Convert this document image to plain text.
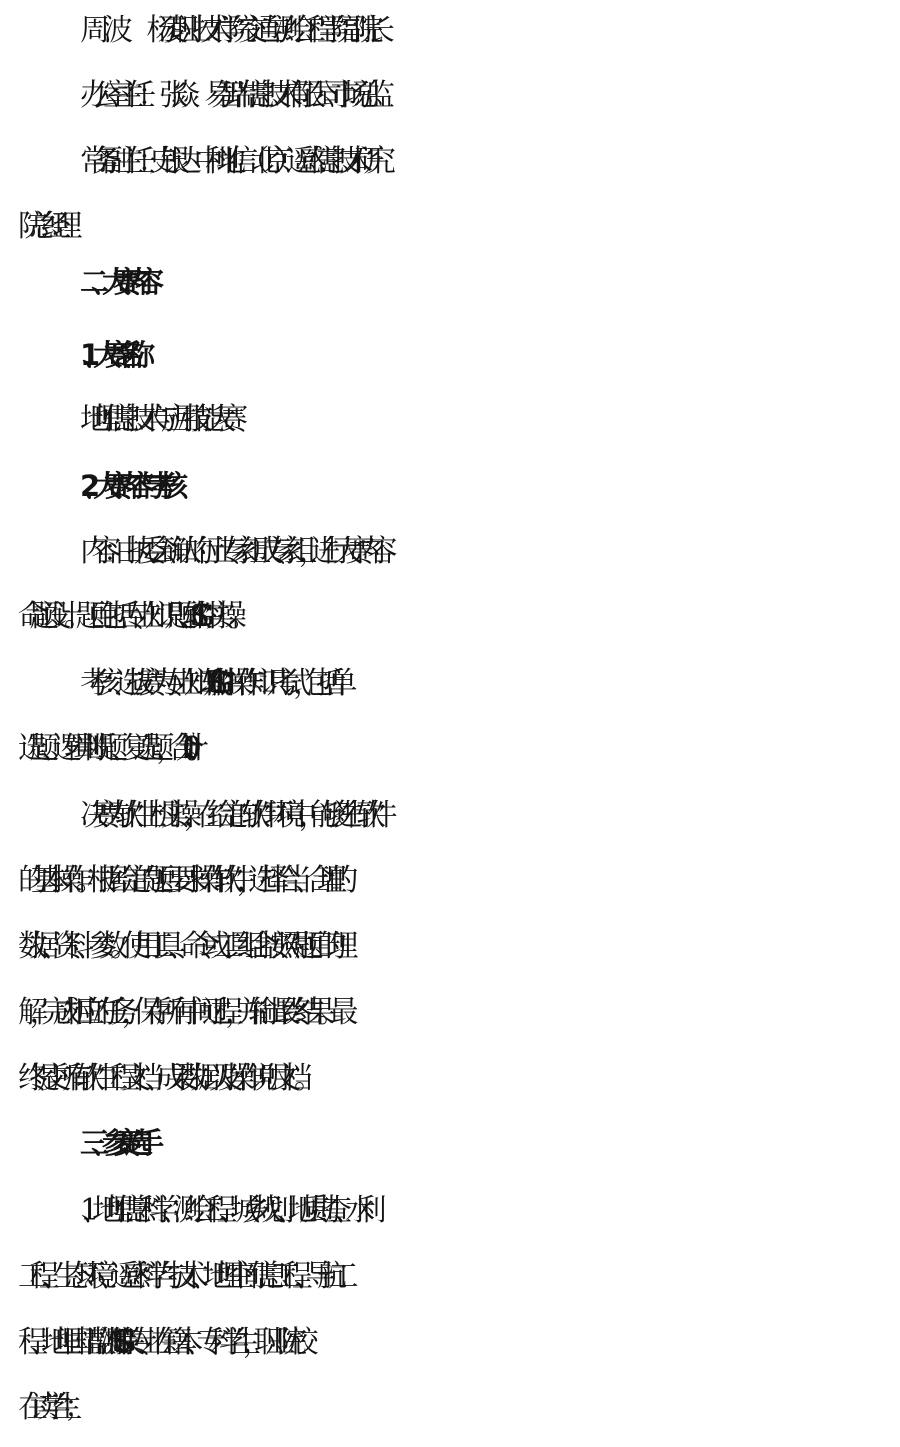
周　波 杨凌职业技术学院交通与测绘工程学院副院长
办公室主任： 张焱 易智瑞信息技术有限公司市场总监
常务副主任：史银达 中科地信（北京）遥感信息技术研究
院总经理
二、大赛内容
1、大赛名称
地理信息技术与应用技能大赛
2、大赛内容与考核
内容：由执委会确认的行业专家组成专家组，进行大赛内容
命题设计。题目包括专业知识题、GIS 软件实操。
考核：选拔赛为专业知识和 GIS 软件操作知识考试，包括单
选题、逻辑判断题、复选题，合计 100 分。
决赛为软件上机实操，在给定的软件环境中，能够进行软件
的基本操作。根据给定的题目要求操作软件，选择恰当、合理的
数据、资料、参数。使用工具、命令或工具组合按照对题目的理
解，完成相应的任务，保存所有中间过程，并输出最终结果。最
终提交所有软件工程文档、成果数据以及操作说明文档。
三、参赛选手
1、地理信息科学、测绘工程、城乡规划、地质勘查、水利
工程、生态环境、遥感科学与技术、地理空间信息工程、导航工
程、地理国情监测等 GIS 相关专业在籍本、专科学生，职业院校
在读学生；
